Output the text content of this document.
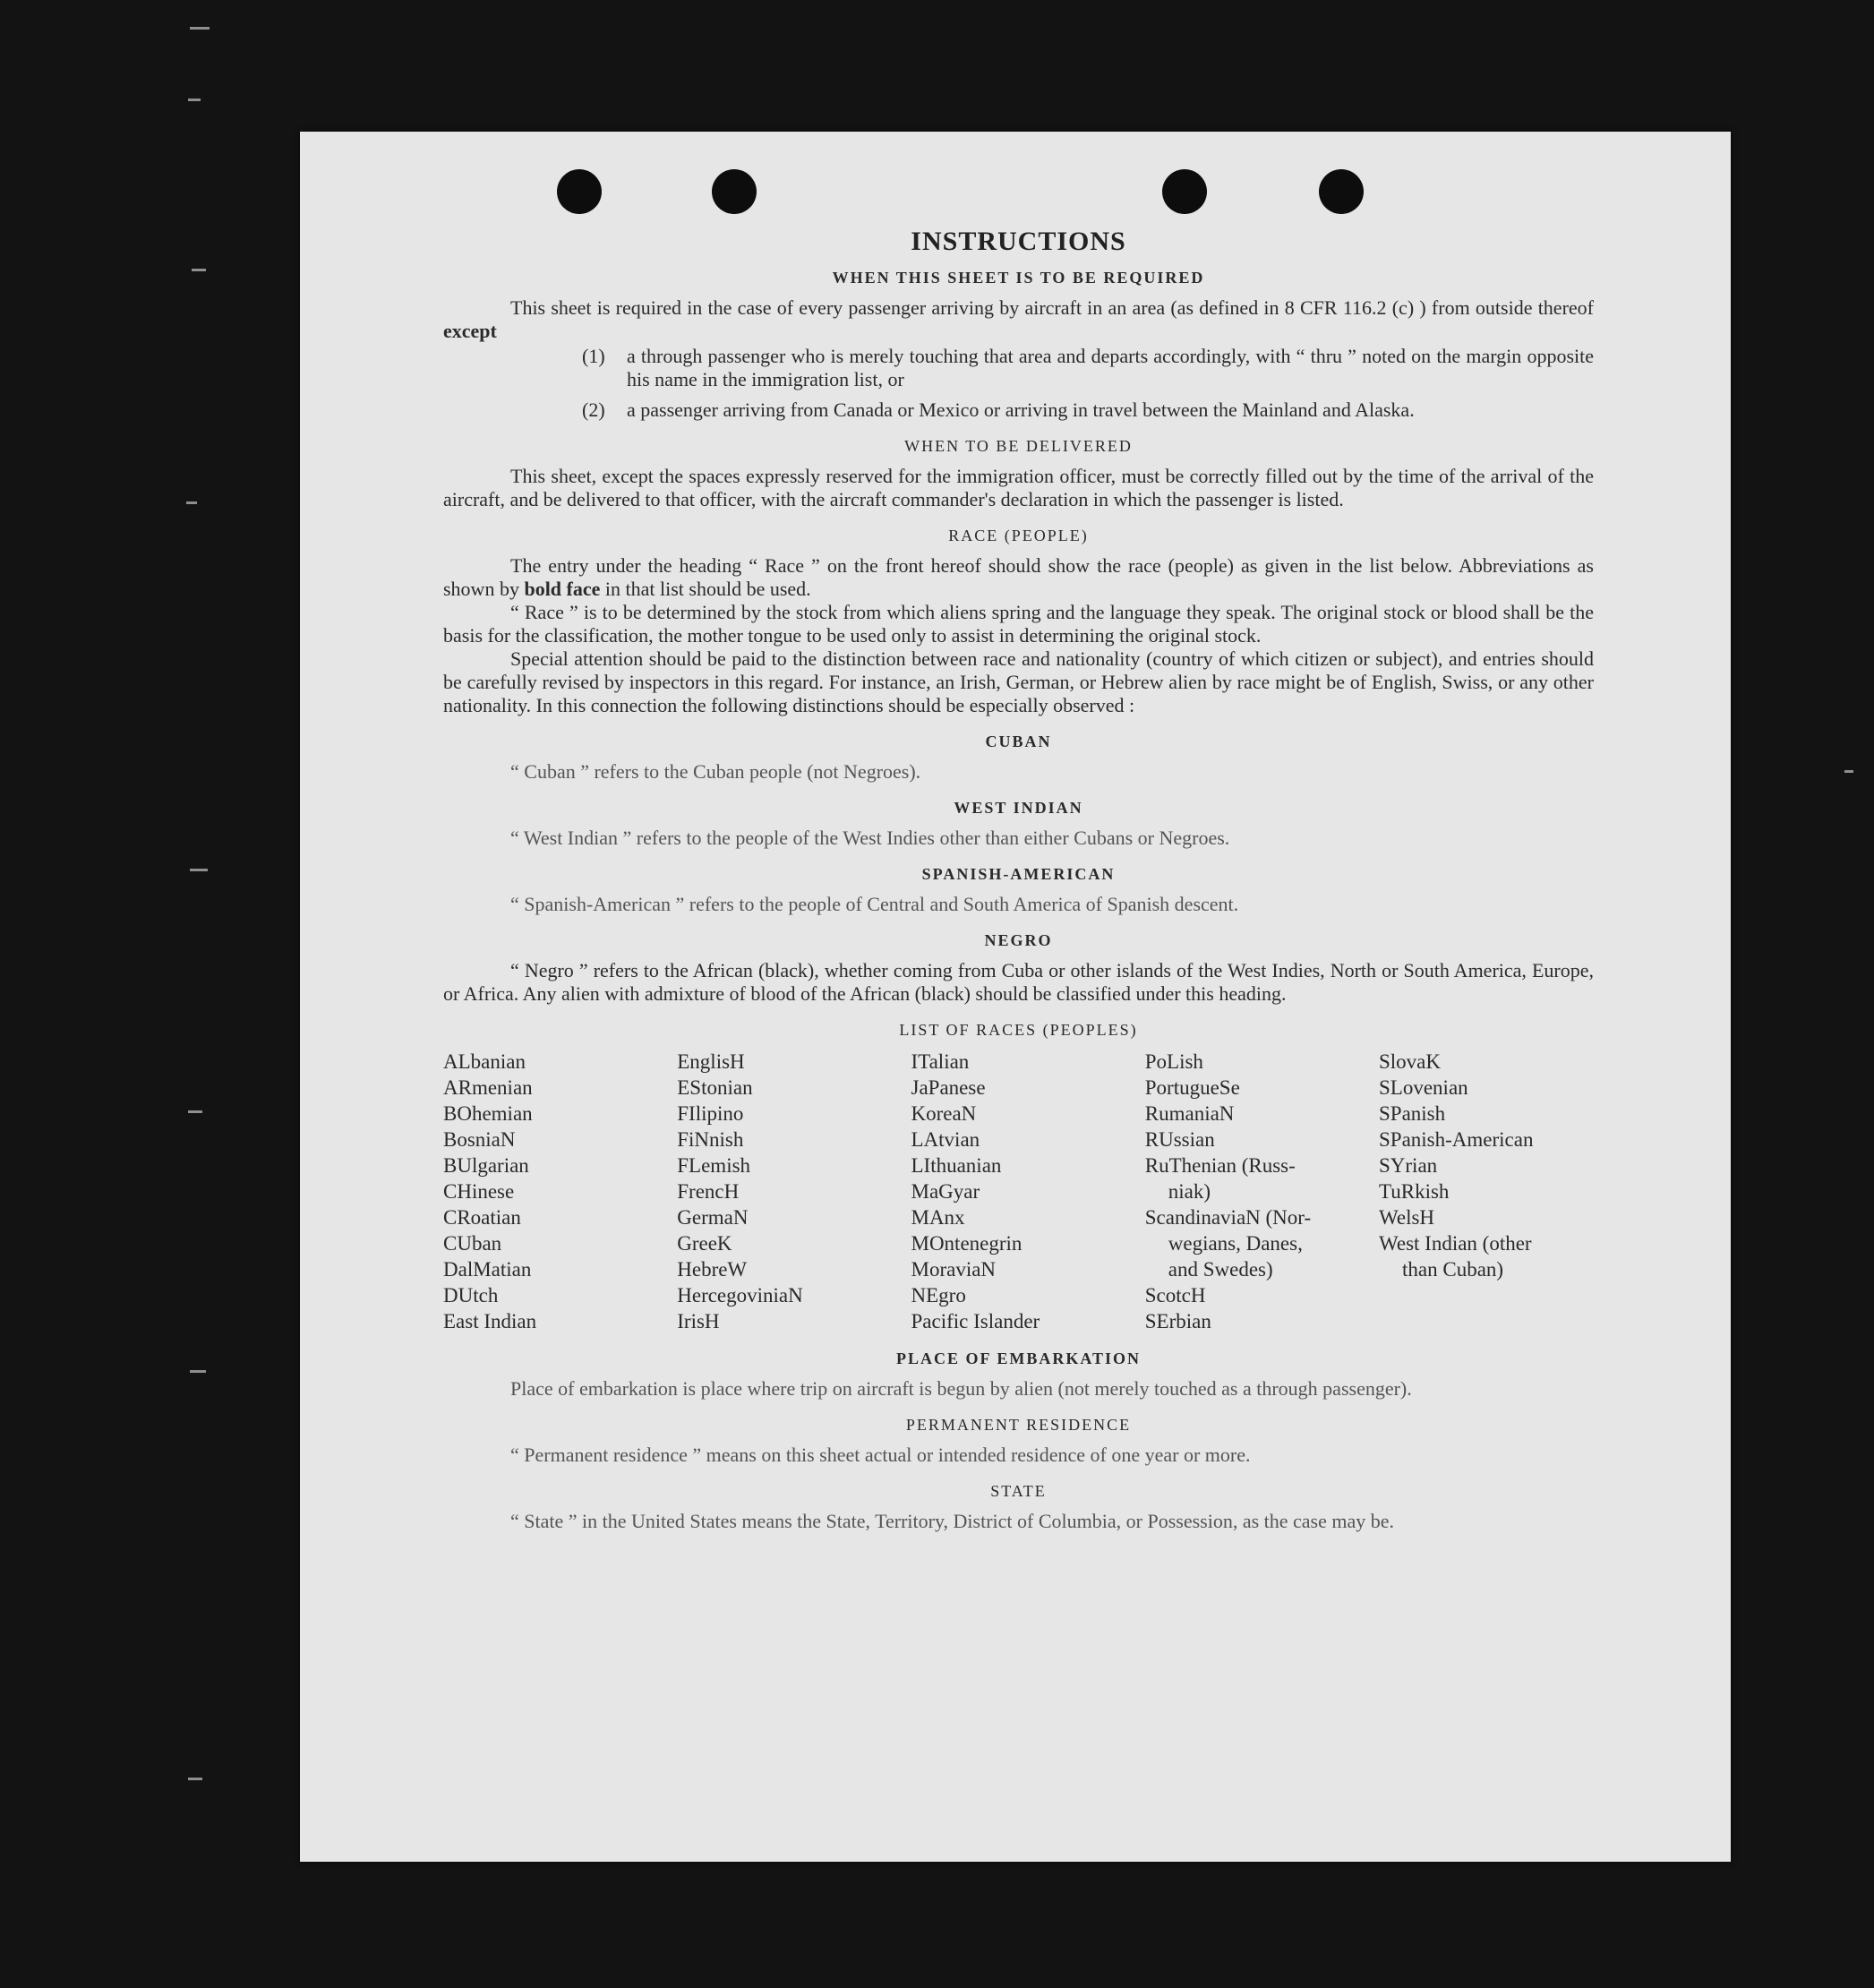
INSTRUCTIONS
WHEN THIS SHEET IS TO BE REQUIRED

This sheet is required in the case of every passenger arriving by aircraft in an area (as defined in 8 CFR 116.2 (c) ) from outside thereof except

(1)	a through passenger who is merely touching that area and departs accordingly, with “ thru ” noted on the margin opposite his name in the immigration list, or
(2)	a passenger arriving from Canada or Mexico or arriving in travel between the Mainland and Alaska.
WHEN TO BE DELIVERED

This sheet, except the spaces expressly reserved for the immigration officer, must be correctly filled out by the time of the arrival of the aircraft, and be delivered to that officer, with the aircraft commander's declaration in which the passenger is listed.

RACE (PEOPLE)

The entry under the heading “ Race ” on the front hereof should show the race (people) as given in the list below. Abbreviations as shown by bold face in that list should be used.

“ Race ” is to be determined by the stock from which aliens spring and the language they speak. The original stock or blood shall be the basis for the classification, the mother tongue to be used only to assist in determining the original stock.

Special attention should be paid to the distinction between race and nationality (country of which citizen or subject), and entries should be carefully revised by inspectors in this regard. For instance, an Irish, German, or Hebrew alien by race might be of English, Swiss, or any other nationality. In this connection the following distinctions should be especially observed :

CUBAN

“ Cuban ” refers to the Cuban people (not Negroes).

WEST INDIAN

“ West Indian ” refers to the people of the West Indies other than either Cubans or Negroes.

SPANISH-AMERICAN

“ Spanish-American ” refers to the people of Central and South America of Spanish descent.

NEGRO

“ Negro ” refers to the African (black), whether coming from Cuba or other islands of the West Indies, North or South America, Europe, or Africa. Any alien with admixture of blood of the African (black) should be classified under this heading.

LIST OF RACES (PEOPLES)
ALbanian
ARmenian
BOhemian
BosniaN
BUlgarian
CHinese
CRoatian
CUban
DalMatian
DUtch
East Indian
EnglisH
EStonian
FIlipino
FiNnish
FLemish
FrencH
GermaN
GreeK
HebreW
HercegoviniaN
IrisH
ITalian
JaPanese
KoreaN
LAtvian
LIthuanian
MaGyar
MAnx
MOntenegrin
MoraviaN
NEgro
Pacific Islander
PoLish
PortugueSe
RumaniaN
RUssian
RuThenian (Russ-
niak)
ScandinaviaN (Nor-
wegians, Danes,
and Swedes)
ScotcH
SErbian
SlovaK
SLovenian
SPanish
SPanish-American
SYrian
TuRkish
WelsH
West Indian (other
than Cuban)
PLACE OF EMBARKATION

Place of embarkation is place where trip on aircraft is begun by alien (not merely touched as a through passenger).

PERMANENT RESIDENCE

“ Permanent residence ” means on this sheet actual or intended residence of one year or more.

STATE

“ State ” in the United States means the State, Territory, District of Columbia, or Possession, as the case may be.
